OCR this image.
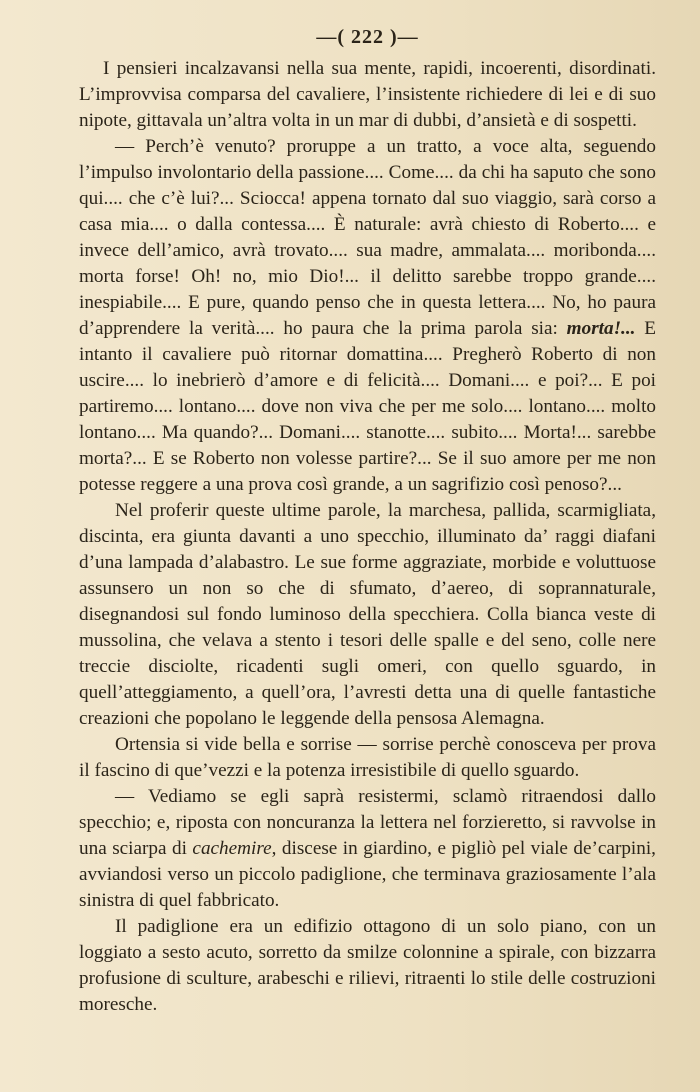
—( 222 )—

I pensieri incalzavansi nella sua mente, rapidi, incoerenti, disordinati. L’improvvisa comparsa del cavaliere, l’insistente richiedere di lei e di suo nipote, gittavala un’altra volta in un mar di dubbi, d’ansietà e di sospetti.

— Perch’è venuto? proruppe a un tratto, a voce alta, seguendo l’impulso involontario della passione.... Come.... da chi ha saputo che sono qui.... che c’è lui?... Sciocca! appena tornato dal suo viaggio, sarà corso a casa mia.... o dalla contessa.... È naturale: avrà chiesto di Roberto.... e invece dell’amico, avrà trovato.... sua madre, ammalata.... moribonda.... morta forse! Oh! no, mio Dio!... il delitto sarebbe troppo grande.... inespiabile.... E pure, quando penso che in questa lettera.... No, ho paura d’apprendere la verità.... ho paura che la prima parola sia: morta!... E intanto il cavaliere può ritornar domattina.... Pregherò Roberto di non uscire.... lo inebrierò d’amore e di felicità.... Domani.... e poi?... E poi partiremo.... lontano.... dove non viva che per me solo.... lontano.... molto lontano.... Ma quando?... Domani.... stanotte.... subito.... Morta!... sarebbe morta?... E se Roberto non volesse partire?... Se il suo amore per me non potesse reggere a una prova così grande, a un sagrifizio così penoso?...

Nel proferir queste ultime parole, la marchesa, pallida, scarmigliata, discinta, era giunta davanti a uno specchio, illuminato da’ raggi diafani d’una lampada d’alabastro. Le sue forme aggraziate, morbide e voluttuose assunsero un non so che di sfumato, d’aereo, di soprannaturale, disegnandosi sul fondo luminoso della specchiera. Colla bianca veste di mussolina, che velava a stento i tesori delle spalle e del seno, colle nere treccie disciolte, ricadenti sugli omeri, con quello sguardo, in quell’atteggiamento, a quell’ora, l’avresti detta una di quelle fantastiche creazioni che popolano le leggende della pensosa Alemagna.

Ortensia si vide bella e sorrise — sorrise perchè conosceva per prova il fascino di que’vezzi e la potenza irresistibile di quello sguardo.

— Vediamo se egli saprà resistermi, sclamò ritraendosi dallo specchio; e, riposta con noncuranza la lettera nel forzieretto, si ravvolse in una sciarpa di cachemire, discese in giardino, e pigliò pel viale de’carpini, avviandosi verso un piccolo padiglione, che terminava graziosamente l’ala sinistra di quel fabbricato.

Il padiglione era un edifizio ottagono di un solo piano, con un loggiato a sesto acuto, sorretto da smilze colonnine a spirale, con bizzarra profusione di sculture, arabeschi e rilievi, ritraenti lo stile delle costruzioni moresche.
